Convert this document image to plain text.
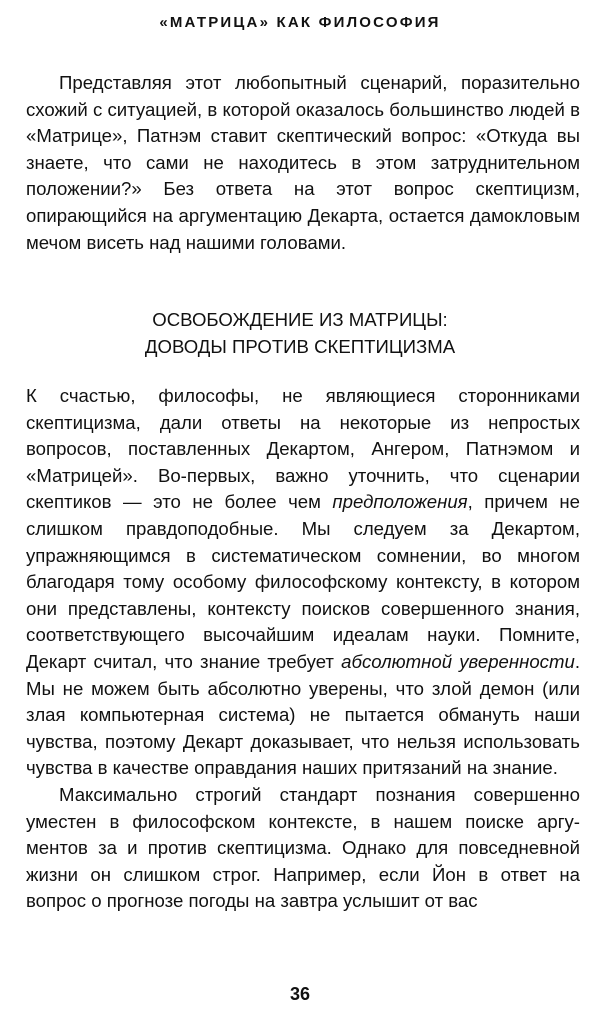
«МАТРИЦА» КАК ФИЛОСОФИЯ

Представляя этот любопытный сценарий, поразительно схожий с ситуацией, в которой оказалось большинство людей в «Матрице», Патнэм ставит скептический вопрос: «Откуда вы знаете, что сами не находитесь в этом затруднительном положении?» Без ответа на этот вопрос скептицизм, опирающийся на аргументацию Декарта, остается дамокловым мечом висеть над нашими головами.

ОСВОБОЖДЕНИЕ ИЗ МАТРИЦЫ:
ДОВОДЫ ПРОТИВ СКЕПТИЦИЗМА

К счастью, философы, не являющиеся сторонниками скептицизма, дали ответы на некоторые из непростых вопросов, поставленных Декартом, Ангером, Патнэмом и «Матрицей». Во-первых, важно уточнить, что сценарии скептиков — это не более чем предположения, причем не слишком правдоподобные. Мы следуем за Декартом, упражняющимся в систематическом сомнении, во многом благодаря тому особому философскому контексту, в котором они представлены, контексту поисков совершенного знания, соответствующего высочайшим идеалам науки. Помните, Декарт считал, что знание требует абсолютной уверенности. Мы не можем быть абсолютно уверены, что злой демон (или злая компьютерная система) не пытается обмануть наши чувства, поэтому Декарт доказывает, что нельзя использовать чувства в качестве оправдания наших притязаний на знание.

Максимально строгий стандарт познания совершенно уместен в философском контексте, в нашем поиске аргументов за и против скептицизма. Однако для повседневной жизни он слишком строг. Например, если Йон в ответ на вопрос о прогнозе погоды на завтра услышит от вас

36
